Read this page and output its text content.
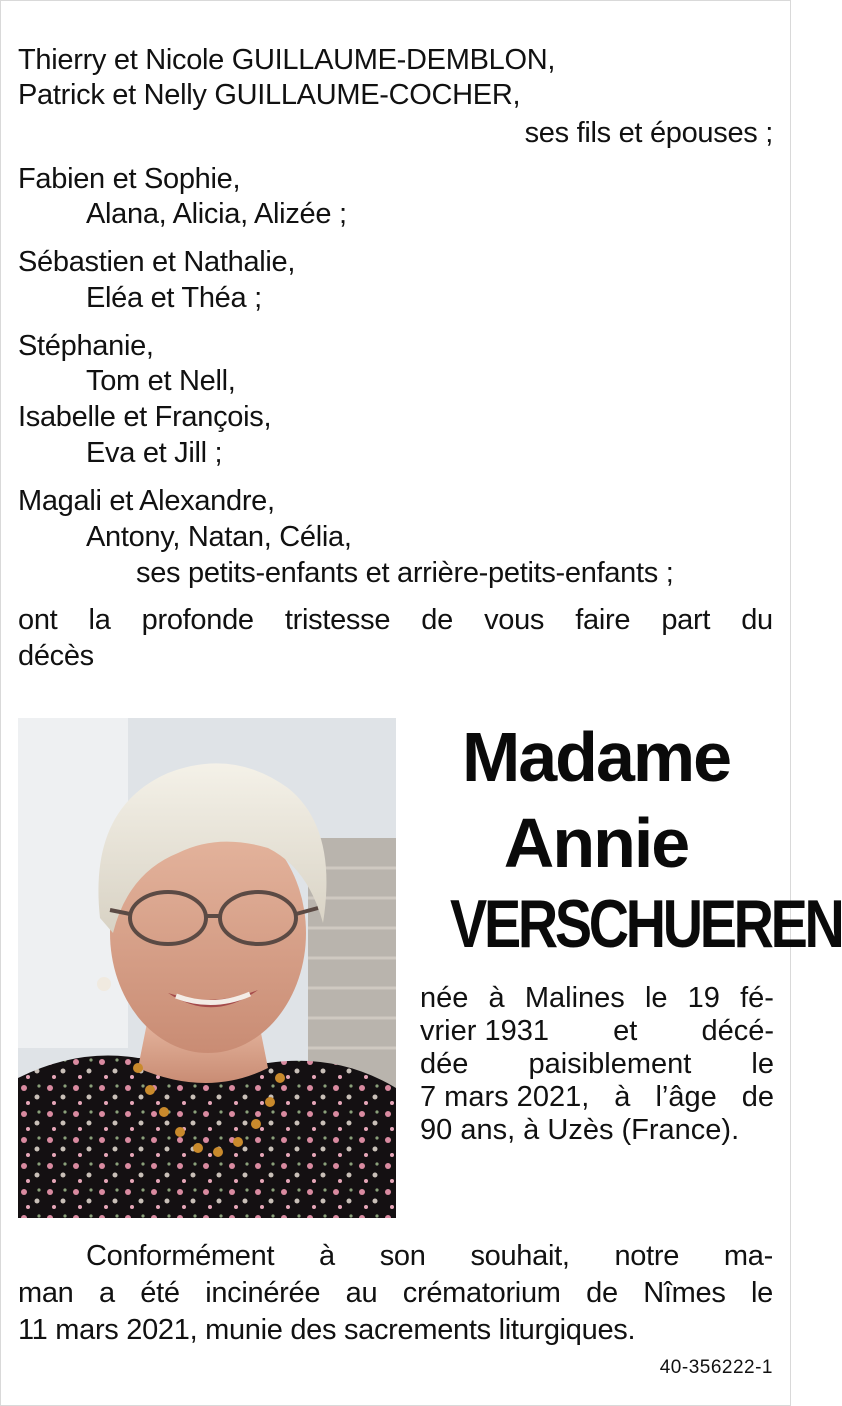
Thierry et Nicole GUILLAUME-DEMBLON,
Patrick et Nelly GUILLAUME-COCHER,
ses fils et épouses ;
Fabien et Sophie,
Alana, Alicia, Alizée ;
Sébastien et Nathalie,
Eléa et Théa ;
Stéphanie,
Tom et Nell,
Isabelle et François,
Eva et Jill ;
Magali et Alexandre,
Antony, Natan, Célia,
ses petits-enfants et arrière-petits-enfants ;
ont la profonde tristesse de vous faire part du
décès
Madame
Annie
VERSCHUEREN
née à Malines le 19 fé-
vrier 1931 et décé-
dée paisiblement le
7 mars 2021, à l’âge de
90 ans, à Uzès (France).
Conformément à son souhait, notre ma-
man a été incinérée au crématorium de Nîmes le
11 mars 2021, munie des sacrements liturgiques.
40-356222-1
